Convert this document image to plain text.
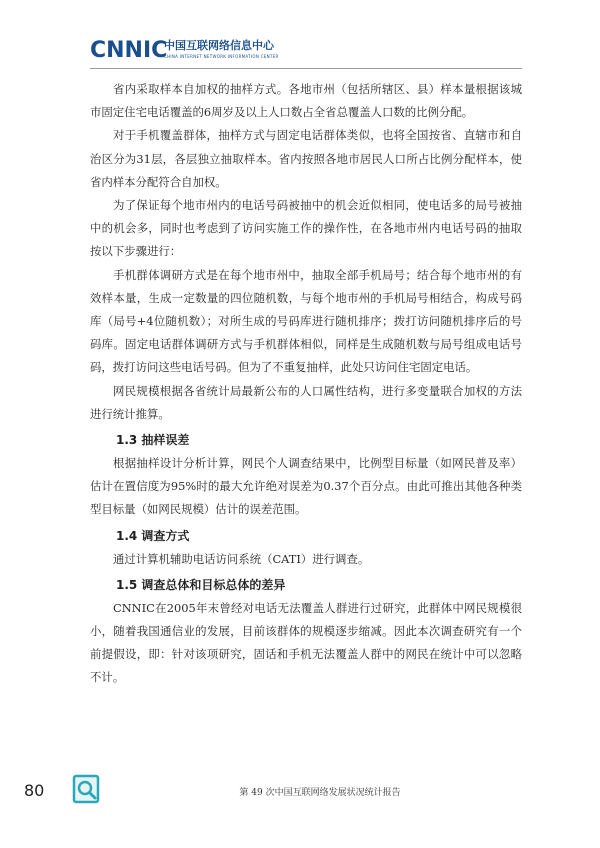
CNNIC
中国互联网络信息中心
CHINA INTERNET NETWORK INFORMATION CENTER

省内采取样本自加权的抽样方式。各地市州（包括所辖区、县）样本量根据该城市固定住宅电话覆盖的6周岁及以上人口数占全省总覆盖人口数的比例分配。

对于手机覆盖群体，抽样方式与固定电话群体类似，也将全国按省、直辖市和自治区分为31层，各层独立抽取样本。省内按照各地市居民人口所占比例分配样本，使省内样本分配符合自加权。

为了保证每个地市州内的电话号码被抽中的机会近似相同，使电话多的局号被抽中的机会多，同时也考虑到了访问实施工作的操作性，在各地市州内电话号码的抽取按以下步骤进行：

手机群体调研方式是在每个地市州中，抽取全部手机局号；结合每个地市州的有效样本量，生成一定数量的四位随机数，与每个地市州的手机局号相结合，构成号码库（局号+4位随机数）；对所生成的号码库进行随机排序；拨打访问随机排序后的号码库。固定电话群体调研方式与手机群体相似，同样是生成随机数与局号组成电话号码，拨打访问这些电话号码。但为了不重复抽样，此处只访问住宅固定电话。

网民规模根据各省统计局最新公布的人口属性结构，进行多变量联合加权的方法进行统计推算。

1.3 抽样误差

根据抽样设计分析计算，网民个人调查结果中，比例型目标量（如网民普及率）估计在置信度为95%时的最大允许绝对误差为0.37个百分点。由此可推出其他各种类型目标量（如网民规模）估计的误差范围。

1.4 调查方式

通过计算机辅助电话访问系统（CATI）进行调查。

1.5 调查总体和目标总体的差异

CNNIC在2005年末曾经对电话无法覆盖人群进行过研究，此群体中网民规模很小，随着我国通信业的发展，目前该群体的规模逐步缩减。因此本次调查研究有一个前提假设，即：针对该项研究，固话和手机无法覆盖人群中的网民在统计中可以忽略不计。

80	第 49 次中国互联网络发展状况统计报告
